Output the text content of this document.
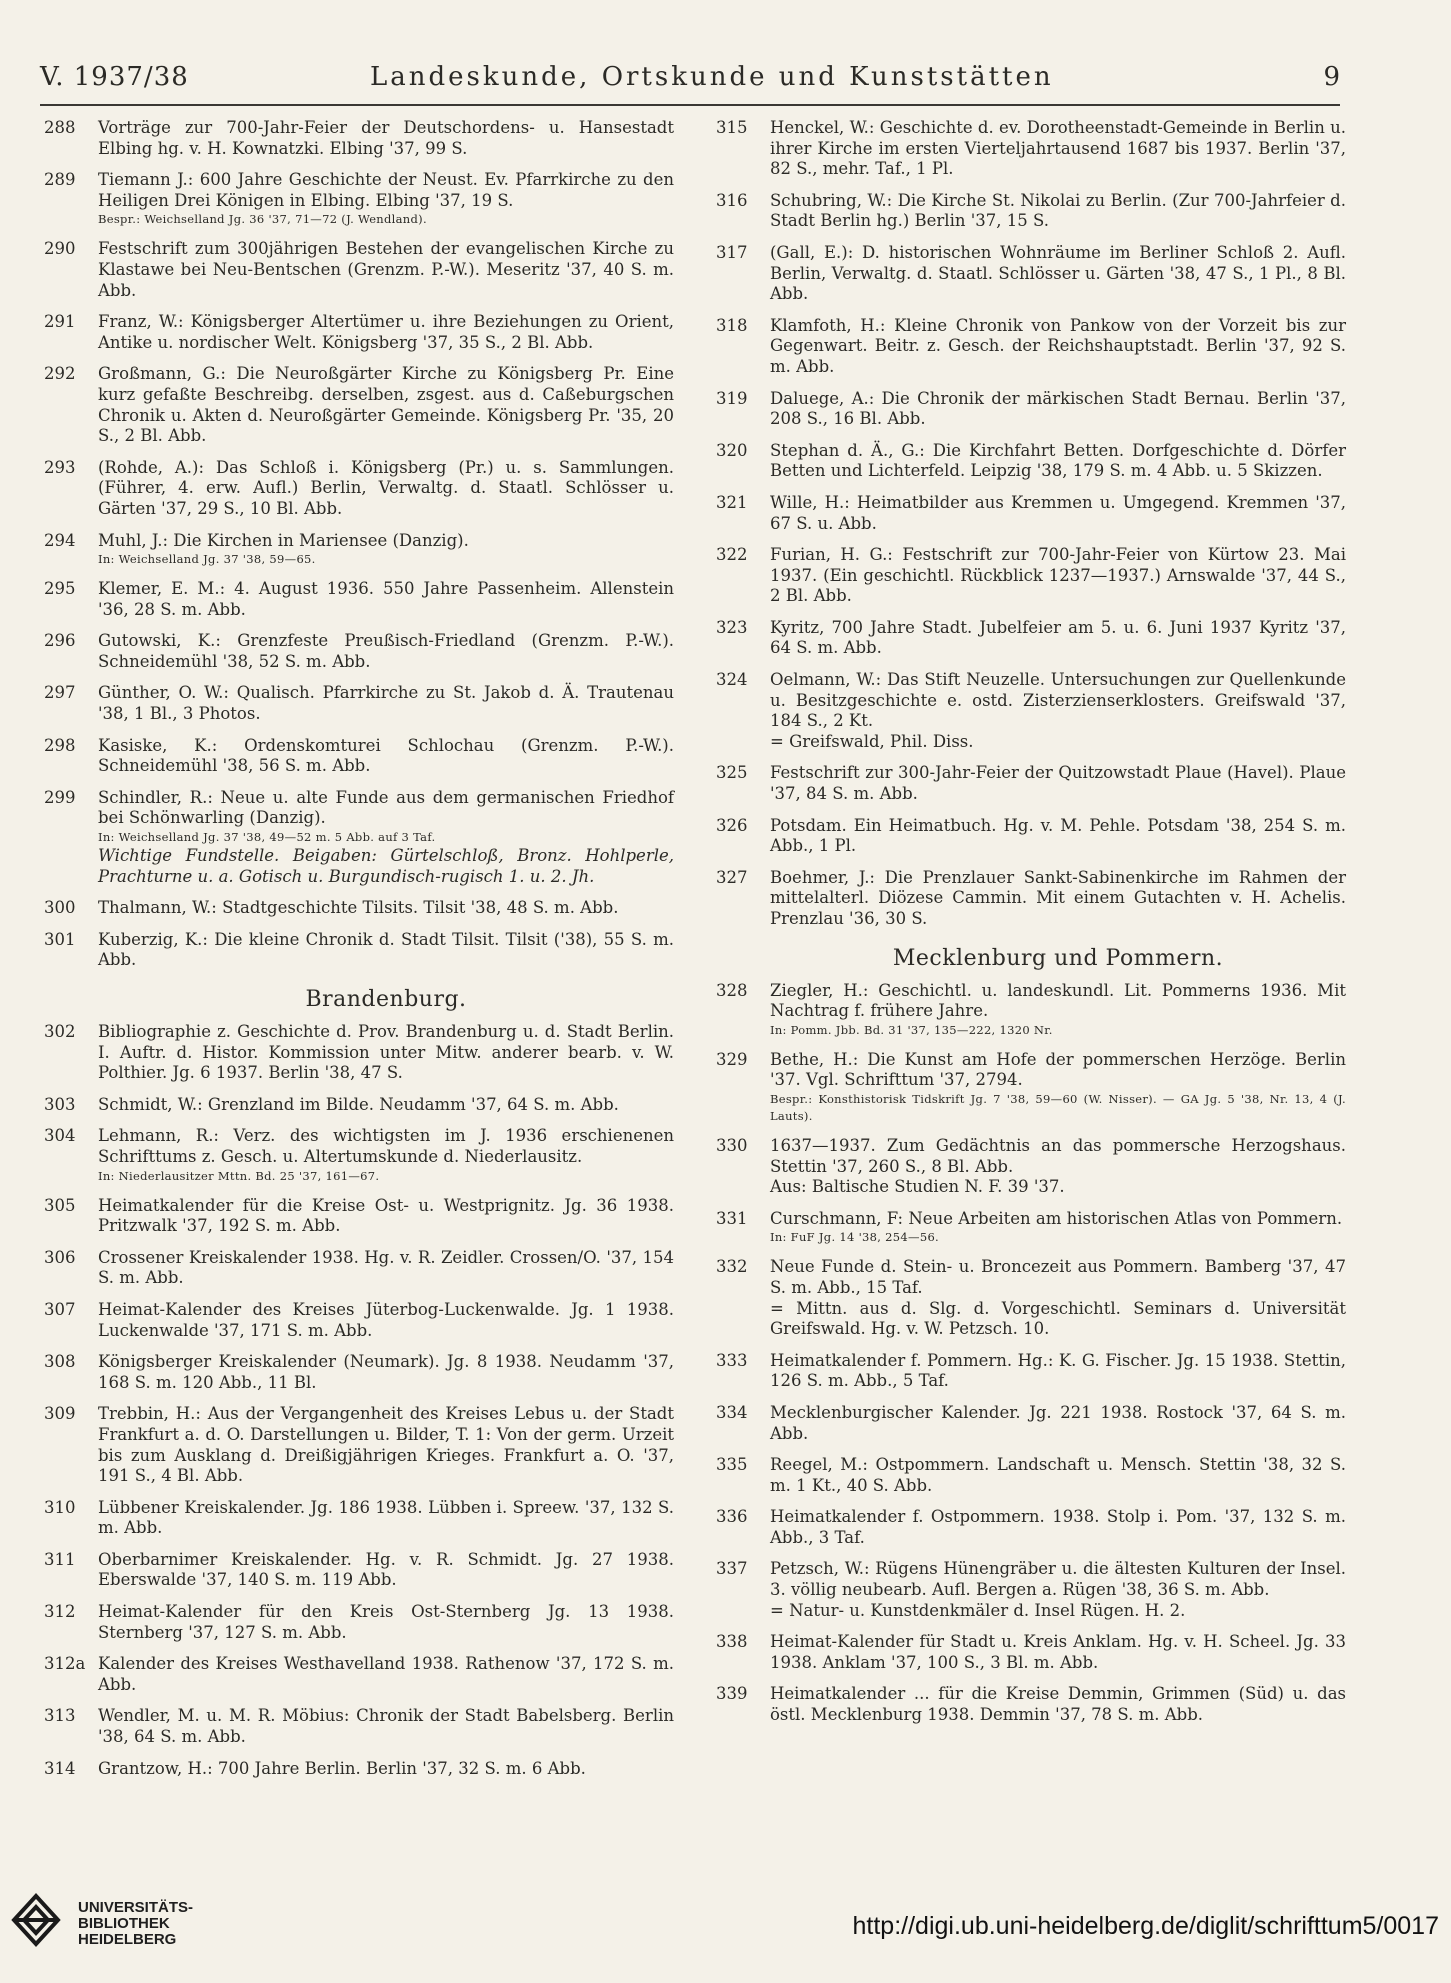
V. 1937/38	Landeskunde, Ortskunde und Kunststätten	9
288	Vorträge zur 700-Jahr-Feier der Deutschordens- u. Hansestadt Elbing hg. v. H. Kownatzki. Elbing '37, 99 S.
289	Tiemann J.: 600 Jahre Geschichte der Neust. Ev. Pfarrkirche zu den Heiligen Drei Königen in Elbing. Elbing '37, 19 S.
Bespr.: Weichselland Jg. 36 '37, 71—72 (J. Wendland).
290	Festschrift zum 300jährigen Bestehen der evangelischen Kirche zu Klastawe bei Neu-Bentschen (Grenzm. P.-W.). Meseritz '37, 40 S. m. Abb.
291	Franz, W.: Königsberger Altertümer u. ihre Beziehungen zu Orient, Antike u. nordischer Welt. Königsberg '37, 35 S., 2 Bl. Abb.
292	Großmann, G.: Die Neuroßgärter Kirche zu Königsberg Pr. Eine kurz gefaßte Beschreibg. derselben, zsgest. aus d. Caßeburgschen Chronik u. Akten d. Neuroßgärter Gemeinde. Königsberg Pr. '35, 20 S., 2 Bl. Abb.
293	(Rohde, A.): Das Schloß i. Königsberg (Pr.) u. s. Sammlungen. (Führer, 4. erw. Aufl.) Berlin, Verwaltg. d. Staatl. Schlösser u. Gärten '37, 29 S., 10 Bl. Abb.
294	Muhl, J.: Die Kirchen in Mariensee (Danzig).
In: Weichselland Jg. 37 '38, 59—65.
295	Klemer, E. M.: 4. August 1936. 550 Jahre Passenheim. Allenstein '36, 28 S. m. Abb.
296	Gutowski, K.: Grenzfeste Preußisch-Friedland (Grenzm. P.-W.). Schneidemühl '38, 52 S. m. Abb.
297	Günther, O. W.: Qualisch. Pfarrkirche zu St. Jakob d. Ä. Trautenau '38, 1 Bl., 3 Photos.
298	Kasiske, K.: Ordenskomturei Schlochau (Grenzm. P.-W.). Schneidemühl '38, 56 S. m. Abb.
299	Schindler, R.: Neue u. alte Funde aus dem germanischen Friedhof bei Schönwarling (Danzig).
In: Weichselland Jg. 37 '38, 49—52 m. 5 Abb. auf 3 Taf.
Wichtige Fundstelle. Beigaben: Gürtelschloß, Bronz. Hohlperle, Prachturne u. a. Gotisch u. Burgundisch-rugisch 1. u. 2. Jh.
300	Thalmann, W.: Stadtgeschichte Tilsits. Tilsit '38, 48 S. m. Abb.
301	Kuberzig, K.: Die kleine Chronik d. Stadt Tilsit. Tilsit ('38), 55 S. m. Abb.
Brandenburg.
302	Bibliographie z. Geschichte d. Prov. Brandenburg u. d. Stadt Berlin. I. Auftr. d. Histor. Kommission unter Mitw. anderer bearb. v. W. Polthier. Jg. 6 1937. Berlin '38, 47 S.
303	Schmidt, W.: Grenzland im Bilde. Neudamm '37, 64 S. m. Abb.
304	Lehmann, R.: Verz. des wichtigsten im J. 1936 erschienenen Schrifttums z. Gesch. u. Altertumskunde d. Niederlausitz.
In: Niederlausitzer Mttn. Bd. 25 '37, 161—67.
305	Heimatkalender für die Kreise Ost- u. Westprignitz. Jg. 36 1938. Pritzwalk '37, 192 S. m. Abb.
306	Crossener Kreiskalender 1938. Hg. v. R. Zeidler. Crossen/O. '37, 154 S. m. Abb.
307	Heimat-Kalender des Kreises Jüterbog-Luckenwalde. Jg. 1 1938. Luckenwalde '37, 171 S. m. Abb.
308	Königsberger Kreiskalender (Neumark). Jg. 8 1938. Neudamm '37, 168 S. m. 120 Abb., 11 Bl.
309	Trebbin, H.: Aus der Vergangenheit des Kreises Lebus u. der Stadt Frankfurt a. d. O. Darstellungen u. Bilder, T. 1: Von der germ. Urzeit bis zum Ausklang d. Dreißigjährigen Krieges. Frankfurt a. O. '37, 191 S., 4 Bl. Abb.
310	Lübbener Kreiskalender. Jg. 186 1938. Lübben i. Spreew. '37, 132 S. m. Abb.
311	Oberbarnimer Kreiskalender. Hg. v. R. Schmidt. Jg. 27 1938. Eberswalde '37, 140 S. m. 119 Abb.
312	Heimat-Kalender für den Kreis Ost-Sternberg Jg. 13 1938. Sternberg '37, 127 S. m. Abb.
312a Kalender des Kreises Westhavelland 1938. Rathenow '37, 172 S. m. Abb.
313	Wendler, M. u. M. R. Möbius: Chronik der Stadt Babelsberg. Berlin '38, 64 S. m. Abb.
314	Grantzow, H.: 700 Jahre Berlin. Berlin '37, 32 S. m. 6 Abb.
315	Henckel, W.: Geschichte d. ev. Dorotheenstadt-Gemeinde in Berlin u. ihrer Kirche im ersten Vierteljahrtausend 1687 bis 1937. Berlin '37, 82 S., mehr. Taf., 1 Pl.
316	Schubring, W.: Die Kirche St. Nikolai zu Berlin. (Zur 700-Jahrfeier d. Stadt Berlin hg.) Berlin '37, 15 S.
317	(Gall, E.): D. historischen Wohnräume im Berliner Schloß 2. Aufl. Berlin, Verwaltg. d. Staatl. Schlösser u. Gärten '38, 47 S., 1 Pl., 8 Bl. Abb.
318	Klamfoth, H.: Kleine Chronik von Pankow von der Vorzeit bis zur Gegenwart. Beitr. z. Gesch. der Reichshauptstadt. Berlin '37, 92 S. m. Abb.
319	Daluege, A.: Die Chronik der märkischen Stadt Bernau. Berlin '37, 208 S., 16 Bl. Abb.
320	Stephan d. Ä., G.: Die Kirchfahrt Betten. Dorfgeschichte d. Dörfer Betten und Lichterfeld. Leipzig '38, 179 S. m. 4 Abb. u. 5 Skizzen.
321	Wille, H.: Heimatbilder aus Kremmen u. Umgegend. Kremmen '37, 67 S. u. Abb.
322	Furian, H. G.: Festschrift zur 700-Jahr-Feier von Kürtow 23. Mai 1937. (Ein geschichtl. Rückblick 1237—1937.) Arnswalde '37, 44 S., 2 Bl. Abb.
323	Kyritz, 700 Jahre Stadt. Jubelfeier am 5. u. 6. Juni 1937 Kyritz '37, 64 S. m. Abb.
324	Oelmann, W.: Das Stift Neuzelle. Untersuchungen zur Quellenkunde u. Besitzgeschichte e. ostd. Zisterzienserklosters. Greifswald '37, 184 S., 2 Kt.
= Greifswald, Phil. Diss.
325	Festschrift zur 300-Jahr-Feier der Quitzowstadt Plaue (Havel). Plaue '37, 84 S. m. Abb.
326	Potsdam. Ein Heimatbuch. Hg. v. M. Pehle. Potsdam '38, 254 S. m. Abb., 1 Pl.
327	Boehmer, J.: Die Prenzlauer Sankt-Sabinenkirche im Rahmen der mittelalterl. Diözese Cammin. Mit einem Gutachten v. H. Achelis. Prenzlau '36, 30 S.
Mecklenburg und Pommern.
328	Ziegler, H.: Geschichtl. u. landeskundl. Lit. Pommerns 1936. Mit Nachtrag f. frühere Jahre.
In: Pomm. Jbb. Bd. 31 '37, 135—222, 1320 Nr.
329	Bethe, H.: Die Kunst am Hofe der pommerschen Herzöge. Berlin '37. Vgl. Schrifttum '37, 2794.
Bespr.: Konsthistorisk Tidskrift Jg. 7 '38, 59—60 (W. Nisser). — GA Jg. 5 '38, Nr. 13, 4 (J. Lauts).
330	1637—1937. Zum Gedächtnis an das pommersche Herzogshaus. Stettin '37, 260 S., 8 Bl. Abb.
Aus: Baltische Studien N. F. 39 '37.
331	Curschmann, F: Neue Arbeiten am historischen Atlas von Pommern.
In: FuF Jg. 14 '38, 254—56.
332	Neue Funde d. Stein- u. Broncezeit aus Pommern. Bamberg '37, 47 S. m. Abb., 15 Taf.
= Mittn. aus d. Slg. d. Vorgeschichtl. Seminars d. Universität Greifswald. Hg. v. W. Petzsch. 10.
333	Heimatkalender f. Pommern. Hg.: K. G. Fischer. Jg. 15 1938. Stettin, 126 S. m. Abb., 5 Taf.
334	Mecklenburgischer Kalender. Jg. 221 1938. Rostock '37, 64 S. m. Abb.
335	Reegel, M.: Ostpommern. Landschaft u. Mensch. Stettin '38, 32 S. m. 1 Kt., 40 S. Abb.
336	Heimatkalender f. Ostpommern. 1938. Stolp i. Pom. '37, 132 S. m. Abb., 3 Taf.
337	Petzsch, W.: Rügens Hünengräber u. die ältesten Kulturen der Insel. 3. völlig neubearb. Aufl. Bergen a. Rügen '38, 36 S. m. Abb.
= Natur- u. Kunstdenkmäler d. Insel Rügen. H. 2.
338	Heimat-Kalender für Stadt u. Kreis Anklam. Hg. v. H. Scheel. Jg. 33 1938. Anklam '37, 100 S., 3 Bl. m. Abb.
339	Heimatkalender ... für die Kreise Demmin, Grimmen (Süd) u. das östl. Mecklenburg 1938. Demmin '37, 78 S. m. Abb.
UNIVERSITÄTS-
BIBLIOTHEK
HEIDELBERG	http://digi.ub.uni-heidelberg.de/diglit/schrifttum5/0017
